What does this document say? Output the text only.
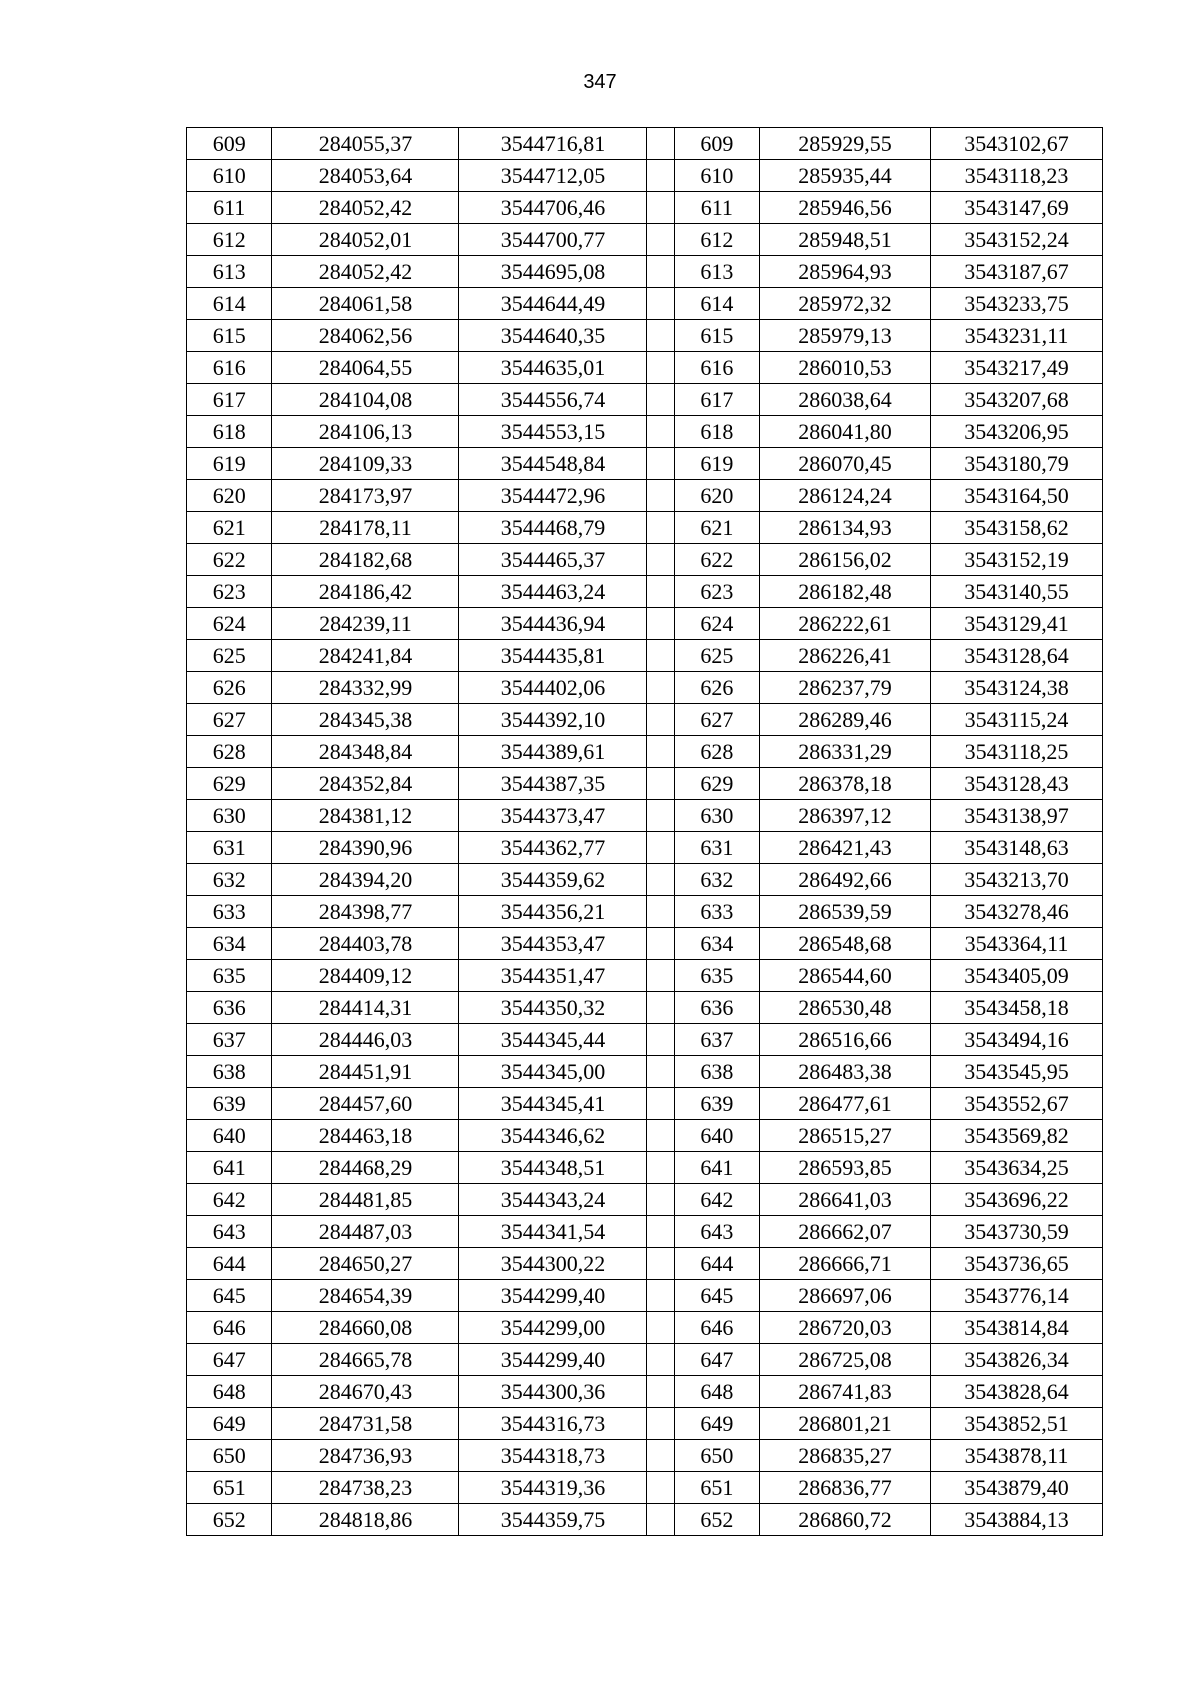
347
609	284055,37	3544716,81		609	285929,55	3543102,67
610	284053,64	3544712,05		610	285935,44	3543118,23
611	284052,42	3544706,46		611	285946,56	3543147,69
612	284052,01	3544700,77		612	285948,51	3543152,24
613	284052,42	3544695,08		613	285964,93	3543187,67
614	284061,58	3544644,49		614	285972,32	3543233,75
615	284062,56	3544640,35		615	285979,13	3543231,11
616	284064,55	3544635,01		616	286010,53	3543217,49
617	284104,08	3544556,74		617	286038,64	3543207,68
618	284106,13	3544553,15		618	286041,80	3543206,95
619	284109,33	3544548,84		619	286070,45	3543180,79
620	284173,97	3544472,96		620	286124,24	3543164,50
621	284178,11	3544468,79		621	286134,93	3543158,62
622	284182,68	3544465,37		622	286156,02	3543152,19
623	284186,42	3544463,24		623	286182,48	3543140,55
624	284239,11	3544436,94		624	286222,61	3543129,41
625	284241,84	3544435,81		625	286226,41	3543128,64
626	284332,99	3544402,06		626	286237,79	3543124,38
627	284345,38	3544392,10		627	286289,46	3543115,24
628	284348,84	3544389,61		628	286331,29	3543118,25
629	284352,84	3544387,35		629	286378,18	3543128,43
630	284381,12	3544373,47		630	286397,12	3543138,97
631	284390,96	3544362,77		631	286421,43	3543148,63
632	284394,20	3544359,62		632	286492,66	3543213,70
633	284398,77	3544356,21		633	286539,59	3543278,46
634	284403,78	3544353,47		634	286548,68	3543364,11
635	284409,12	3544351,47		635	286544,60	3543405,09
636	284414,31	3544350,32		636	286530,48	3543458,18
637	284446,03	3544345,44		637	286516,66	3543494,16
638	284451,91	3544345,00		638	286483,38	3543545,95
639	284457,60	3544345,41		639	286477,61	3543552,67
640	284463,18	3544346,62		640	286515,27	3543569,82
641	284468,29	3544348,51		641	286593,85	3543634,25
642	284481,85	3544343,24		642	286641,03	3543696,22
643	284487,03	3544341,54		643	286662,07	3543730,59
644	284650,27	3544300,22		644	286666,71	3543736,65
645	284654,39	3544299,40		645	286697,06	3543776,14
646	284660,08	3544299,00		646	286720,03	3543814,84
647	284665,78	3544299,40		647	286725,08	3543826,34
648	284670,43	3544300,36		648	286741,83	3543828,64
649	284731,58	3544316,73		649	286801,21	3543852,51
650	284736,93	3544318,73		650	286835,27	3543878,11
651	284738,23	3544319,36		651	286836,77	3543879,40
652	284818,86	3544359,75		652	286860,72	3543884,13
